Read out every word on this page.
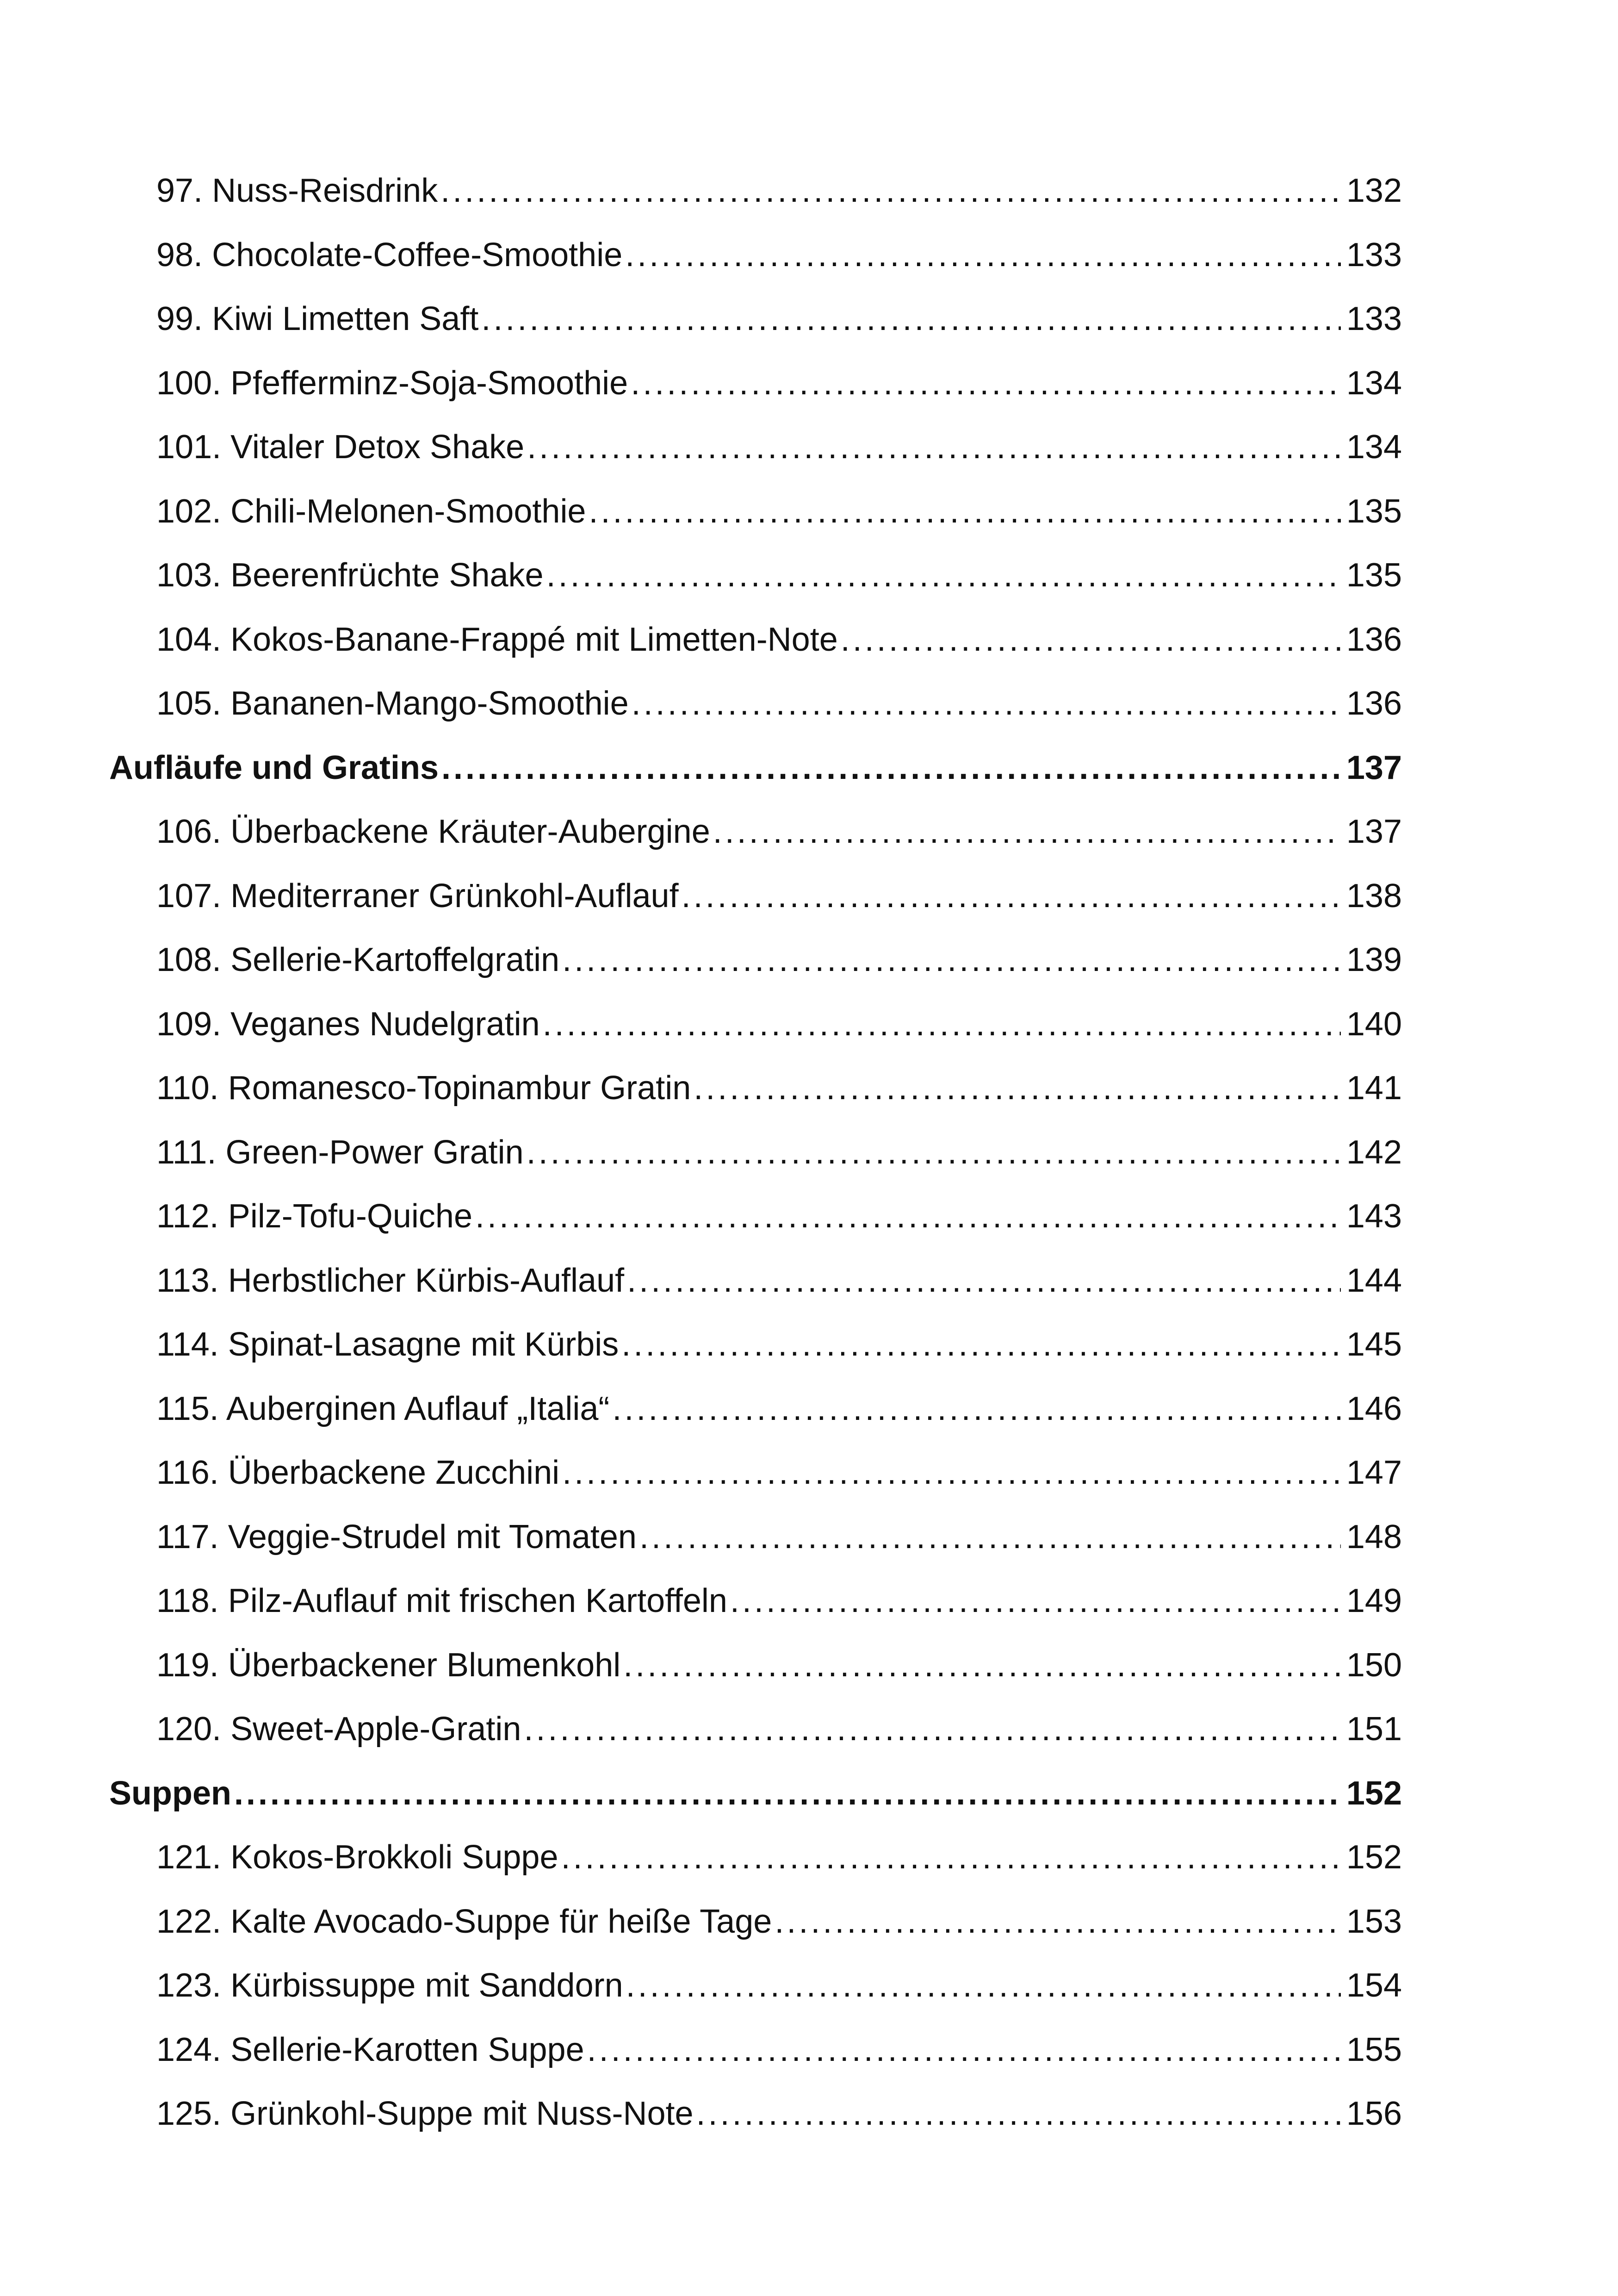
97. Nuss-Reisdrink .....	132
98. Chocolate-Coffee-Smoothie .....	133
99. Kiwi Limetten Saft .....	133
100. Pfefferminz-Soja-Smoothie .....	134
101. Vitaler Detox Shake .....	134
102. Chili-Melonen-Smoothie .....	135
103. Beerenfrüchte Shake .....	135
104. Kokos-Banane-Frappé mit Limetten-Note .....	136
105. Bananen-Mango-Smoothie .....	136
Aufläufe und Gratins .....	137
106. Überbackene Kräuter-Aubergine .....	137
107. Mediterraner Grünkohl-Auflauf .....	138
108. Sellerie-Kartoffelgratin .....	139
109. Veganes Nudelgratin .....	140
110. Romanesco-Topinambur Gratin .....	141
111. Green-Power Gratin .....	142
112. Pilz-Tofu-Quiche .....	143
113. Herbstlicher Kürbis-Auflauf .....	144
114. Spinat-Lasagne mit Kürbis .....	145
115. Auberginen Auflauf „Italia“ .....	146
116. Überbackene Zucchini .....	147
117. Veggie-Strudel mit Tomaten .....	148
118. Pilz-Auflauf mit frischen Kartoffeln .....	149
119. Überbackener Blumenkohl .....	150
120. Sweet-Apple-Gratin .....	151
Suppen .....	152
121. Kokos-Brokkoli Suppe .....	152
122. Kalte Avocado-Suppe für heiße Tage .....	153
123. Kürbissuppe mit Sanddorn .....	154
124. Sellerie-Karotten Suppe .....	155
125. Grünkohl-Suppe mit Nuss-Note .....	156
